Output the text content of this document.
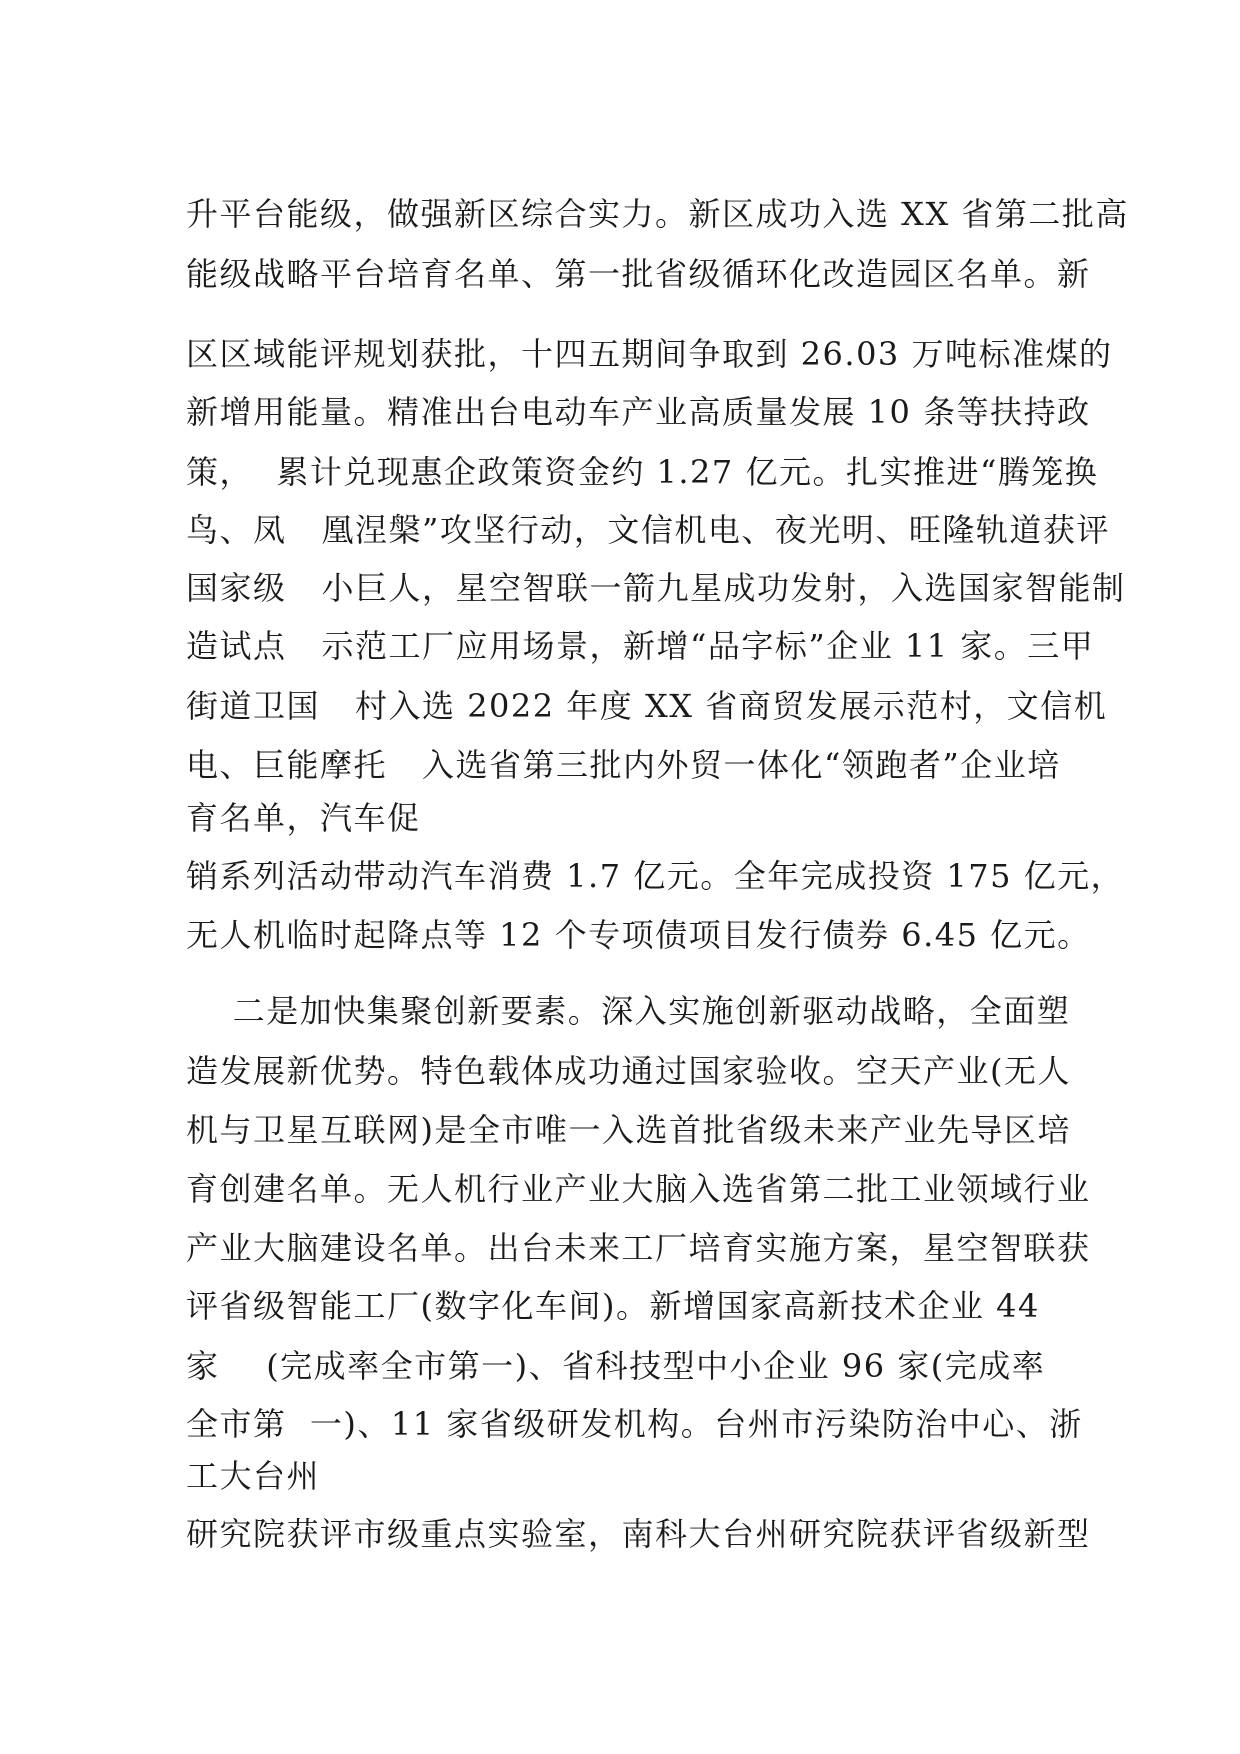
升平台能级，做强新区综合实力。新区成功入选 XX 省第二批高
能级战略平台培育名单、第一批省级循环化改造园区名单。新
区区域能评规划获批，十四五期间争取到 26.03 万吨标准煤的
新增用能量。精准出台电动车产业高质量发展 10 条等扶持政
策，  累计兑现惠企政策资金约 1.27 亿元。扎实推进“腾笼换
鸟、凤   凰涅槃”攻坚行动，文信机电、夜光明、旺隆轨道获评
国家级   小巨人，星空智联一箭九星成功发射，入选国家智能制
造试点   示范工厂应用场景，新增“品字标”企业 11 家。三甲
街道卫国   村入选 2022 年度 XX 省商贸发展示范村，文信机
电、巨能摩托   入选省第三批内外贸一体化“领跑者”企业培
育名单，汽车促
销系列活动带动汽车消费 1.7 亿元。全年完成投资 175 亿元，
无人机临时起降点等 12 个专项债项目发行债券 6.45 亿元。
二是加快集聚创新要素。深入实施创新驱动战略，全面塑
造发展新优势。特色载体成功通过国家验收。空天产业(无人
机与卫星互联网)是全市唯一入选首批省级未来产业先导区培
育创建名单。无人机行业产业大脑入选省第二批工业领域行业
产业大脑建设名单。出台未来工厂培育实施方案，星空智联获
评省级智能工厂(数字化车间)。新增国家高新技术企业 44
家    (完成率全市第一)、省科技型中小企业 96 家(完成率
全市第  一)、11 家省级研发机构。台州市污染防治中心、浙
工大台州
研究院获评市级重点实验室，南科大台州研究院获评省级新型
